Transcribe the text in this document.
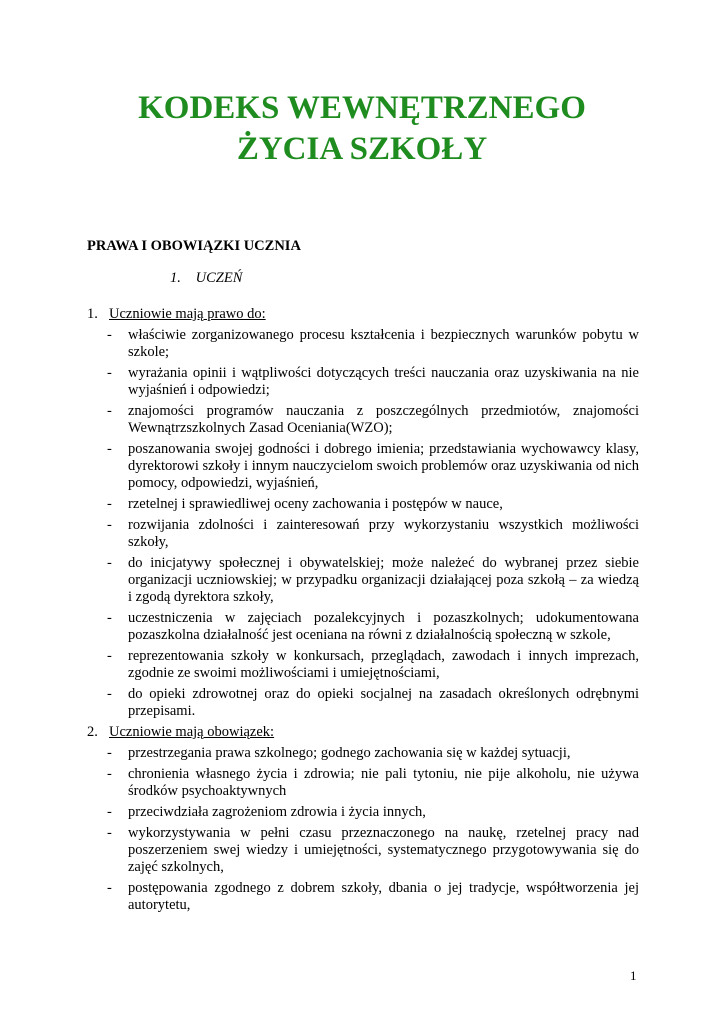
KODEKS WEWNĘTRZNEGO
ŻYCIA SZKOŁY
PRAWA I OBOWIĄZKI UCZNIA
1. UCZEŃ
1. Uczniowie mają prawo do:
- właściwie zorganizowanego procesu kształcenia i bezpiecznych warunków pobytu w szkole;
- wyrażania opinii i wątpliwości dotyczących treści nauczania oraz uzyskiwania na nie wyjaśnień i odpowiedzi;
- znajomości programów nauczania z poszczególnych przedmiotów, znajomości Wewnątrzszkolnych Zasad Oceniania(WZO);
- poszanowania swojej godności i dobrego imienia; przedstawiania wychowawcy klasy, dyrektorowi szkoły i innym nauczycielom swoich problemów oraz uzyskiwania od nich pomocy, odpowiedzi, wyjaśnień,
- rzetelnej i sprawiedliwej oceny zachowania i postępów w nauce,
- rozwijania zdolności i zainteresowań przy wykorzystaniu wszystkich możliwości szkoły,
- do inicjatywy społecznej i obywatelskiej; może należeć do wybranej przez siebie organizacji uczniowskiej; w przypadku organizacji działającej poza szkołą – za wiedzą i zgodą dyrektora szkoły,
- uczestniczenia w zajęciach pozalekcyjnych i pozaszkolnych; udokumentowana pozaszkolna działalność jest oceniana na równi z działalnością społeczną w szkole,
- reprezentowania szkoły w konkursach, przeglądach, zawodach i innych imprezach, zgodnie ze swoimi możliwościami i umiejętnościami,
- do opieki zdrowotnej oraz do opieki socjalnej na zasadach określonych odrębnymi przepisami.
2. Uczniowie mają obowiązek:
- przestrzegania prawa szkolnego; godnego zachowania się w każdej sytuacji,
- chronienia własnego życia i zdrowia; nie pali tytoniu, nie pije alkoholu, nie używa środków psychoaktywnych
- przeciwdziała zagrożeniom zdrowia i życia innych,
- wykorzystywania w pełni czasu przeznaczonego na naukę, rzetelnej pracy nad poszerzeniem swej wiedzy i umiejętności, systematycznego przygotowywania się do zajęć szkolnych,
- postępowania zgodnego z dobrem szkoły, dbania o jej tradycje, współtworzenia jej autorytetu,
1
